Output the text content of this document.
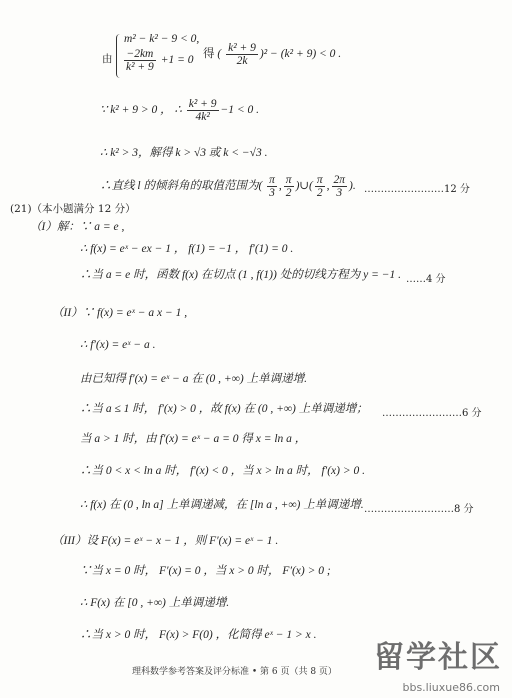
由
m² − k² − 9 < 0,
$\frac{-2km}{\text{k² + 9}} +1 = 0$ 得 ( $\frac{\text{k² + 9}}{2k} )^2 - (k^2 + 9) < 0$ .
∵ k² + 9 > 0 ， ∴ $\frac{\text{k² + 9}}{\text{4k²}} -1 < 0$ .
∴ k² > 3，解得 k > √3 或 k < −√3 .
∴直线 l 的倾斜角的取值范围为( $\frac{\pi}{3}$ , $\frac{\pi}{2}$ )∪( $\frac{\pi}{2}$ , $\frac{2\pi}{3}$ ). ……………………12 分
(21)（本小题满分 12 分）
（I）解：∵ a = e ,
∴ f(x) = eˣ − ex − 1 ， f(1) = −1 ， f′(1) = 0 .
∴当 a = e 时，函数 f(x) 在切点 (1 , f(1)) 处的切线方程为 y = −1 . ……4 分
（II）∵ f(x) = eˣ − a x − 1 ,
∴ f′(x) = eˣ − a .
由已知得 f′(x) = eˣ − a 在 (0 , +∞) 上单调递增.
∴当 a ≤ 1 时， f′(x) > 0 ，故 f(x) 在 (0 , +∞) 上单调递增； ……………………6 分
当 a > 1 时，由 f′(x) = eˣ − a = 0 得 x = ln a ，
∴当 0 < x < ln a 时， f′(x) < 0 ，当 x > ln a 时， f′(x) > 0 .
∴ f(x) 在 (0 , ln a] 上单调递减，在 [ln a , +∞) 上单调递增. ………………………8 分
（III）设 F(x) = eˣ − x − 1 ，则 F′(x) = eˣ − 1 .
∵当 x = 0 时， F′(x) = 0 ，当 x > 0 时， F′(x) > 0 ;
∴ F(x) 在 [0 , +∞) 上单调递增.
∴当 x > 0 时， F(x) > F(0) ，化简得 eˣ − 1 > x .
理科数学参考答案及评分标准 • 第 6 页（共 8 页） 留学社区
bbs.liuxue86.com
